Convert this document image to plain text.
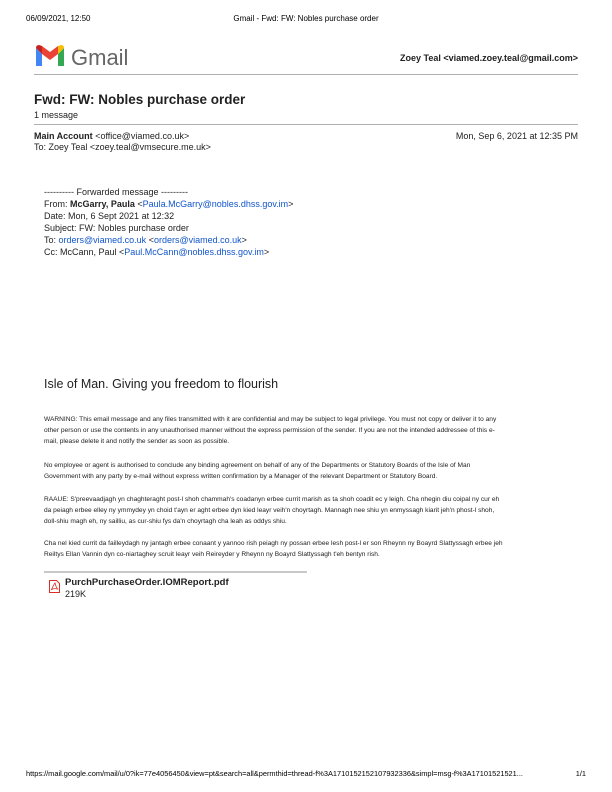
06/09/2021, 12:50	Gmail - Fwd: FW: Nobles purchase order
Gmail	Zoey Teal <viamed.zoey.teal@gmail.com>
Fwd: FW: Nobles purchase order
1 message
Main Account <office@viamed.co.uk>	Mon, Sep 6, 2021 at 12:35 PM
To: Zoey Teal <zoey.teal@vmsecure.me.uk>
---------- Forwarded message ---------
From: McGarry, Paula <Paula.McGarry@nobles.dhss.gov.im>
Date: Mon, 6 Sept 2021 at 12:32
Subject: FW: Nobles purchase order
To: orders@viamed.co.uk <orders@viamed.co.uk>
Cc: McCann, Paul <Paul.McCann@nobles.dhss.gov.im>
Isle of Man. Giving you freedom to flourish
WARNING: This email message and any files transmitted with it are confidential and may be subject to legal privilege. You must not copy or deliver it to any
other person or use the contents in any unauthorised manner without the express permission of the sender. If you are not the intended addressee of this e-
mail, please delete it and notify the sender as soon as possible.
No employee or agent is authorised to conclude any binding agreement on behalf of any of the Departments or Statutory Boards of the Isle of Man
Government with any party by e-mail without express written confirmation by a Manager of the relevant Department or Statutory Board.
RAAUE: S'preevaadjagh yn chaghteraght post-l shoh chammah's coadanyn erbee currit marish as ta shoh coadit ec y leigh. Cha nhegin diu coipal ny cur eh
da peiagh erbee elley ny ymmydey yn choid t'ayn er aght erbee dyn kied leayr veih'n choyrtagh. Mannagh nee shiu yn enmyssagh kiarit jeh'n phost-l shoh,
doll-shiu magh eh, ny sailliu, as cur-shiu fys da'n choyrtagh cha leah as oddys shiu.
Cha nel kied currit da failleydagh ny jantagh erbee conaant y yannoo rish peiagh ny possan erbee lesh post-l er son Rheynn ny Boayrd Slattyssagh erbee jeh
Reiltys Ellan Vannin dyn co-niartaghey scruit leayr veih Reireyder y Rheynn ny Boayrd Slattyssagh t'eh bentyn rish.
PurchPurchaseOrder.IOMReport.pdf
219K
https://mail.google.com/mail/u/0?ik=77e4056450&view=pt&search=all&permthid=thread-f%3A1710152152107932336&simpl=msg-f%3A17101521521...	1/1
